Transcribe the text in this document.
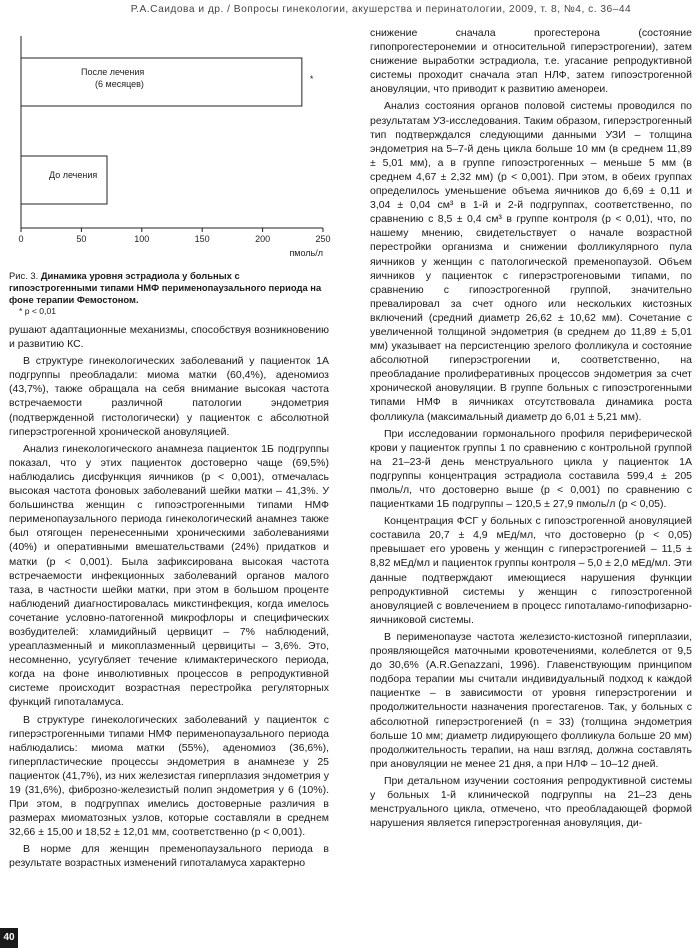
Р.А.Саидова и др. / Вопросы гинекологии, акушерства и перинатологии, 2009, т. 8, №4, с. 36–44
После лечения
(6 месяцев)	*
До лечения
0	50	100	150	200	250
пмоль/л
Рис. 3. Динамика уровня эстрадиола у больных с гипоэстрогенными типами НМФ перименопаузального периода на фоне терапии Фемостоном.
* p < 0,01
рушают адаптационные механизмы, способствуя возникновению и развитию КС.
В структуре гинекологических заболеваний у пациенток 1А подгруппы преобладали: миома матки (60,4%), аденомиоз (43,7%), также обращала на себя внимание высокая частота встречаемости различной патологии эндометрия (подтвержденной гистологически) у пациенток с абсолютной гиперэстрогенной хронической ановуляцией.
Анализ гинекологического анамнеза пациенток 1Б подгруппы показал, что у этих пациенток достоверно чаще (69,5%) наблюдались дисфункция яичников (p < 0,001), отмечалась высокая частота фоновых заболеваний шейки матки – 41,3%. У большинства женщин с гипоэстрогенными типами НМФ перименопаузального периода гинекологический анамнез также был отягощен перенесенными хроническими заболеваниями (40%) и оперативными вмешательствами (24%) придатков и матки (p < 0,001). Была зафиксирована высокая частота встречаемости инфекционных заболеваний органов малого таза, в частности шейки матки, при этом в большом проценте наблюдений диагностировалась микстинфекция, когда имелось сочетание условно-патогенной микрофлоры и специфических возбудителей: хламидийный цервицит – 7% наблюдений, уреаплазменный и микоплазменный цервициты – 3,6%. Это, несомненно, усугубляет течение климактерического периода, когда на фоне инволютивных процессов в репродуктивной системе происходит возрастная перестройка регуляторных функций гипоталамуса.
В структуре гинекологических заболеваний у пациенток с гиперэстрогенными типами НМФ перименопаузального периода наблюдались: миома матки (55%), аденомиоз (36,6%), гиперпластические процессы эндометрия в анамнезе у 25 пациенток (41,7%), из них железистая гиперплазия эндометрия у 19 (31,6%), фиброзно-железистый полип эндометрия у 6 (10%). При этом, в подгруппах имелись достоверные различия в размерах миоматозных узлов, которые составляли в среднем 32,66 ± 15,00 и 18,52 ± 12,01 мм, соответственно (p < 0,001).
В норме для женщин пременопаузального периода в результате возрастных изменений гипоталамуса характерно
снижение сначала прогестерона (состояние гипопрогестеронемии и относительной гиперэстрогении), затем снижение выработки эстрадиола, т.е. угасание репродуктивной системы проходит сначала этап НЛФ, затем гипоэстрогенной ановуляции, что приводит к развитию аменореи.
Анализ состояния органов половой системы проводился по результатам УЗ-исследования. Таким образом, гиперэстрогенный тип подтверждался следующими данными УЗИ – толщина эндометрия на 5–7-й день цикла больше 10 мм (в среднем 11,89 ± 5,01 мм), а в группе гипоэстрогенных – меньше 5 мм (в среднем 4,67 ± 2,32 мм) (p < 0,001). При этом, в обеих группах определилось уменьшение объема яичников до 6,69 ± 0,11 и 3,04 ± 0,04 см³ в 1-й и 2-й подгруппах, соответственно, по сравнению с 8,5 ± 0,4 см³ в группе контроля (p < 0,01), что, по нашему мнению, свидетельствует о начале возрастной перестройки организма и снижении фолликулярного пула яичников у женщин с патологической пременопаузой. Объем яичников у пациенток с гиперэстрогеновыми типами, по сравнению с гипоэстрогенной группой, значительно превалировал за счет одного или нескольких кистозных включений (средний диаметр 26,62 ± 10,62 мм). Сочетание с увеличенной толщиной эндометрия (в среднем до 11,89 ± 5,01 мм) указывает на персистенцию зрелого фолликула и состояние абсолютной гиперэстрогении и, соответственно, на преобладание пролиферативных процессов эндометрия за счет хронической ановуляции. В группе больных с гипоэстрогенными типами НМФ в яичниках отсутствовала динамика роста фолликула (максимальный диаметр до 6,01 ± 5,21 мм).
При исследовании гормонального профиля периферической крови у пациенток группы 1 по сравнению с контрольной группой на 21–23-й день менструального цикла у пациенток 1А подгруппы концентрация эстрадиола составила 599,4 ± 205 пмоль/л, что достоверно выше (p < 0,001) по сравнению с пациентками 1Б подгруппы – 120,5 ± 27,9 пмоль/л (p < 0,05).
Концентрация ФСГ у больных с гипоэстрогенной ановуляцией составила 20,7 ± 4,9 мЕд/мл, что достоверно (p < 0,05) превышает его уровень у женщин с гиперэстрогенией – 11,5 ± 8,82 мЕд/мл и пациенток группы контроля – 5,0 ± 2,0 мЕд/мл. Эти данные подтверждают имеющиеся нарушения функции репродуктивной системы у женщин с гипоэстрогенной ановуляцией с вовлечением в процесс гипоталамо-гипофизарно-яичниковой системы.
В перименопаузе частота железисто-кистозной гиперплазии, проявляющейся маточными кровотечениями, колеблется от 9,5 до 30,6% (A.R.Genazzani, 1996). Главенствующим принципом подбора терапии мы считали индивидуальный подход к каждой пациентке – в зависимости от уровня гиперэстрогении и продолжительности назначения прогестагенов. Так, у больных с абсолютной гиперэстрогенией (n = 33) (толщина эндометрия больше 10 мм; диаметр лидирующего фолликула больше 20 мм) продолжительность терапии, на наш взгляд, должна составлять при ановуляции не менее 21 дня, а при НЛФ – 10–12 дней.
При детальном изучении состояния репродуктивной системы у больных 1-й клинической подгруппы на 21–23 день менструального цикла, отмечено, что преобладающей формой нарушения является гиперэстрогенная ановуляция, ди-
40
